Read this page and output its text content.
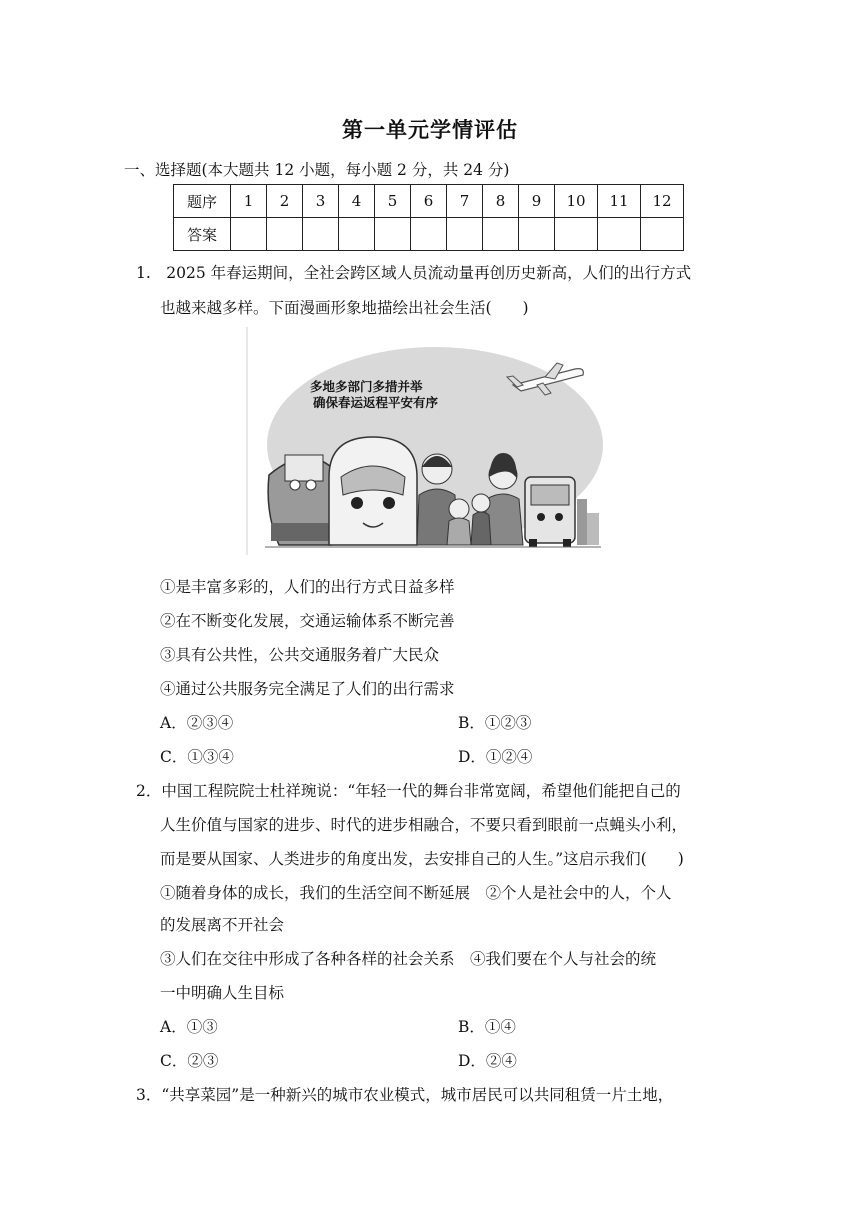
第一单元学情评估
一、选择题(本大题共 12 小题，每小题 2 分，共 24 分)
题序	1	2	3	4	5	6	7	8	9	10	11	12
答案												
1.　2025 年春运期间，全社会跨区域人员流动量再创历史新高，人们的出行方式
也越来越多样。下面漫画形象地描绘出社会生活(　　)
多地多部门多措并举
确保春运返程平安有序
①是丰富多彩的，人们的出行方式日益多样
②在不断变化发展，交通运输体系不断完善
③具有公共性，公共交通服务着广大民众
④通过公共服务完全满足了人们的出行需求
A．②③④	B．①②③
C．①③④	D．①②④
2．中国工程院院士杜祥琬说：“年轻一代的舞台非常宽阔，希望他们能把自己的
人生价值与国家的进步、时代的进步相融合，不要只看到眼前一点蝇头小利，
而是要从国家、人类进步的角度出发，去安排自己的人生。”这启示我们(　　)
①随着身体的成长，我们的生活空间不断延展　②个人是社会中的人，个人
的发展离不开社会
③人们在交往中形成了各种各样的社会关系　④我们要在个人与社会的统
一中明确人生目标
A．①③	B．①④
C．②③	D．②④
3．“共享菜园”是一种新兴的城市农业模式，城市居民可以共同租赁一片土地，
